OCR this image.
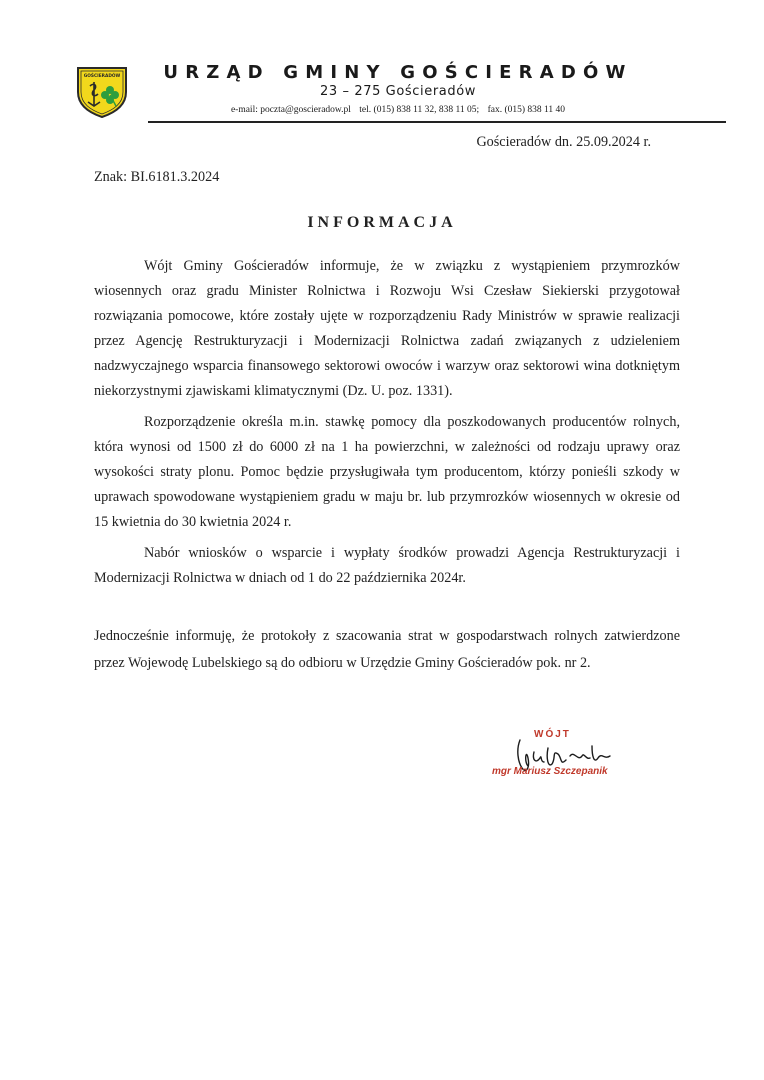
GOŚCIERADÓW	URZĄD GMINY GOŚCIERADÓW
23 – 275 Gościeradów
e-mail: poczta@goscieradow.pl tel. (015) 838 11 32, 838 11 05; fax. (015) 838 11 40
Gościeradów dn. 25.09.2024 r.
Znak: BI.6181.3.2024
INFORMACJA

Wójt Gminy Gościeradów informuje, że w związku z wystąpieniem przymrozków wiosennych oraz gradu Minister Rolnictwa i Rozwoju Wsi Czesław Siekierski przygotował rozwiązania pomocowe, które zostały ujęte w rozporządzeniu Rady Ministrów w sprawie realizacji przez Agencję Restrukturyzacji i Modernizacji Rolnictwa zadań związanych z udzieleniem nadzwyczajnego wsparcia finansowego sektorowi owoców i warzyw oraz sektorowi wina dotkniętym niekorzystnymi zjawiskami klimatycznymi (Dz. U. poz. 1331).

Rozporządzenie określa m.in. stawkę pomocy dla poszkodowanych producentów rolnych, która wynosi od 1500 zł do 6000 zł na 1 ha powierzchni, w zależności od rodzaju uprawy oraz wysokości straty plonu. Pomoc będzie przysługiwała tym producentom, którzy ponieśli szkody w uprawach spowodowane wystąpieniem gradu w maju br. lub przymrozków wiosennych w okresie od 15 kwietnia do 30 kwietnia 2024 r.

Nabór wniosków o wsparcie i wypłaty środków prowadzi Agencja Restrukturyzacji i Modernizacji Rolnictwa w dniach od 1 do 22 października 2024r.

Jednocześnie informuję, że protokoły z szacowania strat w gospodarstwach rolnych zatwierdzone przez Wojewodę Lubelskiego są do odbioru w Urzędzie Gminy Gościeradów pok. nr 2.

WÓJT
mgr Mariusz Szczepanik
